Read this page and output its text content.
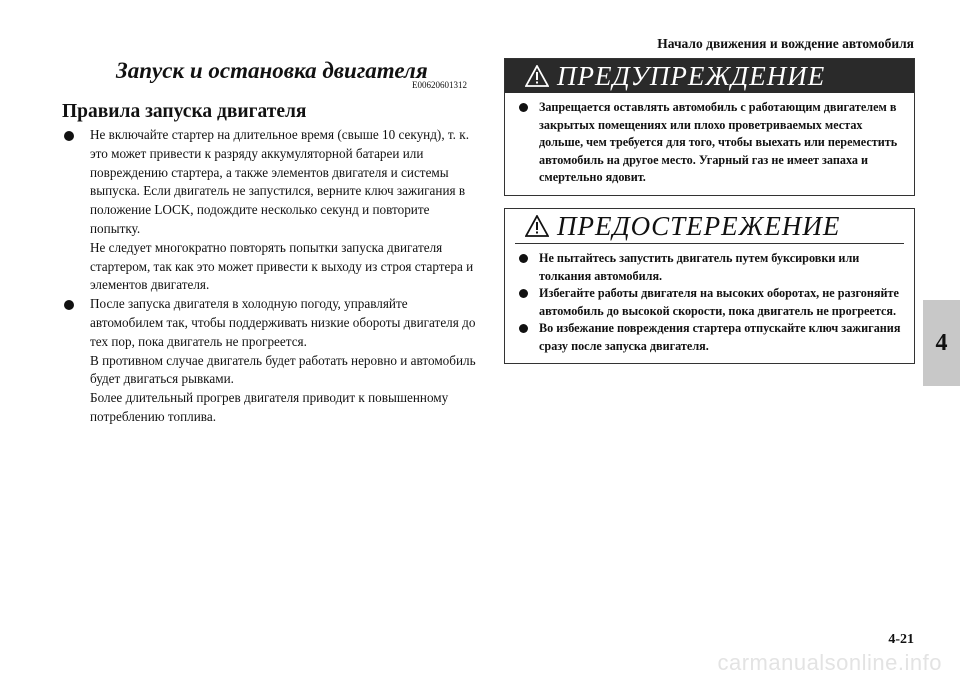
Начало движения и вождение автомобиля
4
Запуск и остановка двигателя
E00620601312
Правила запуска двигателя
Не включайте стартер на длительное время (свыше 10 секунд), т. к. это может привести к разряду аккумуляторной батареи или повреждению стартера, а также элементов двигателя и системы выпуска. Если двигатель не запустился, верните ключ зажигания в положение LOCK, подождите несколько секунд и повторите попытку.
Не следует многократно повторять попытки запуска двигателя стартером, так как это может привести к выходу из строя стартера и элементов двигателя.
После запуска двигателя в холодную погоду, управляйте автомобилем так, чтобы поддерживать низкие обороты двигателя до тех пор, пока двигатель не прогреется.
В противном случае двигатель будет работать неровно и автомобиль будет двигаться рывками.
Более длительный прогрев двигателя приводит к повышенному потреблению топлива.
ПРЕДУПРЕЖДЕНИЕ
Запрещается оставлять автомобиль с работающим двигателем в закрытых помещениях или плохо проветриваемых местах дольше, чем требуется для того, чтобы выехать или переместить автомобиль на другое место. Угарный газ не имеет запаха и смертельно ядовит.
ПРЕДОСТЕРЕЖЕНИЕ
Не пытайтесь запустить двигатель путем буксировки или толкания автомобиля.
Избегайте работы двигателя на высоких оборотах, не разгоняйте автомобиль до высокой скорости, пока двигатель не прогреется.
Во избежание повреждения стартера отпускайте ключ зажигания сразу после запуска двигателя.
4-21
carmanualsonline.info
